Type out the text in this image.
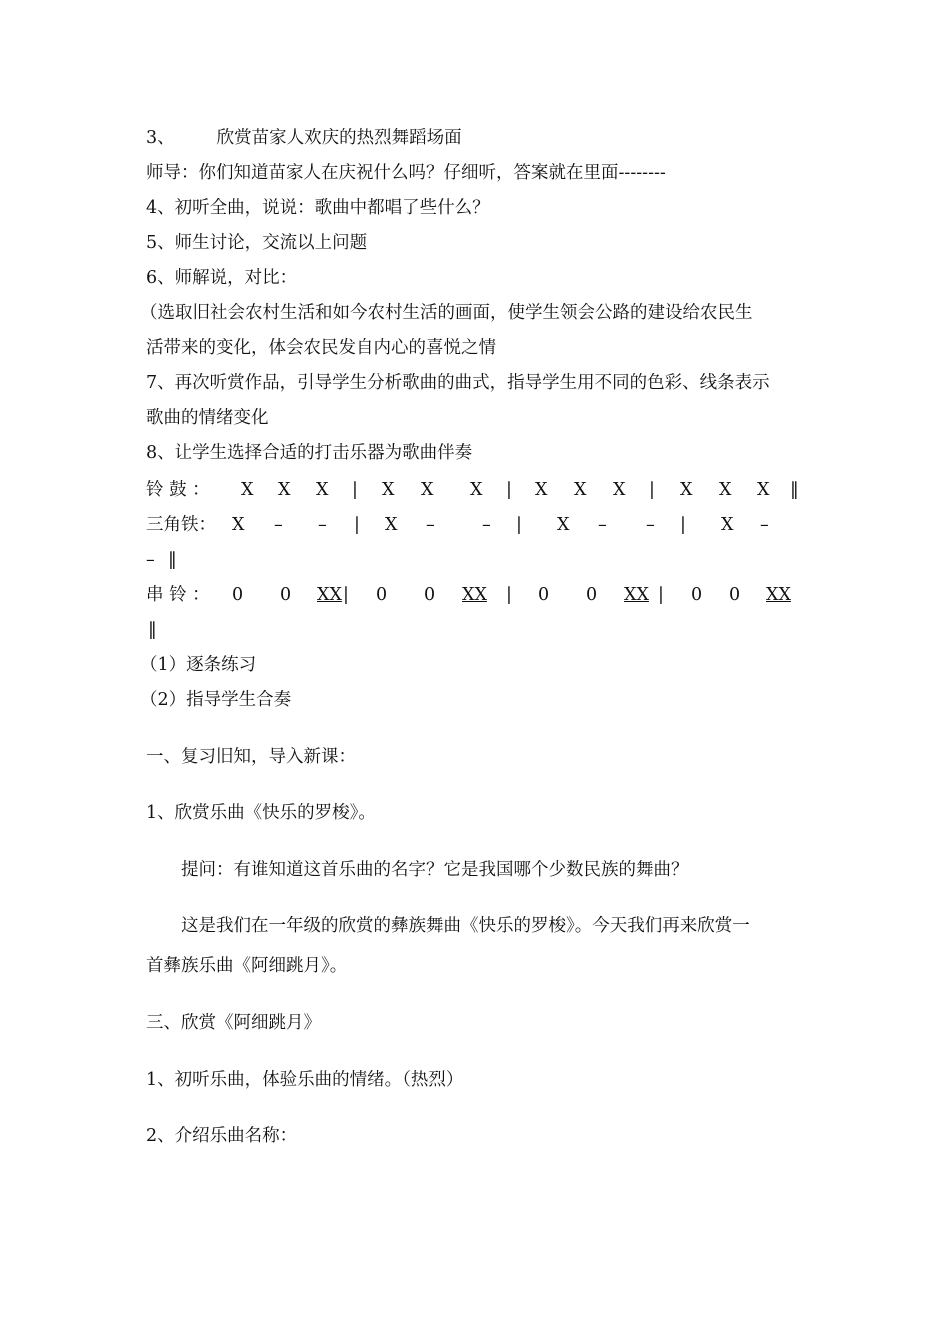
3、 欣赏苗家人欢庆的热烈舞蹈场面

师导：你们知道苗家人在庆祝什么吗？仔细听，答案就在里面--------

4、初听全曲，说说：歌曲中都唱了些什么？

5、师生讨论，交流以上问题

6、师解说，对比：

（选取旧社会农村生活和如今农村生活的画面，使学生领会公路的建设给农民生

活带来的变化，体会农民发自内心的喜悦之情

7、再次听赏作品，引导学生分析歌曲的曲式，指导学生用不同的色彩、线条表示

歌曲的情绪变化

8、让学生选择合适的打击乐器为歌曲伴奏

铃 鼓 ： X X X | X X X | X X X | X X X ‖
三角铁： X – – | X –	– | X – – | X –
– ‖
串 铃 ： 0 0 XX | 0 0 XX | 0 0 XX | 0 0 XX
‖

（1）逐条练习

（2）指导学生合奏

一、复习旧知，导入新课：

1、欣赏乐曲《快乐的罗梭》。

提问：有谁知道这首乐曲的名字？它是我国哪个少数民族的舞曲？

这是我们在一年级的欣赏的彝族舞曲《快乐的罗梭》。今天我们再来欣赏一

首彝族乐曲《阿细跳月》。

三、欣赏《阿细跳月》

1、初听乐曲，体验乐曲的情绪。（热烈）

2、介绍乐曲名称：
